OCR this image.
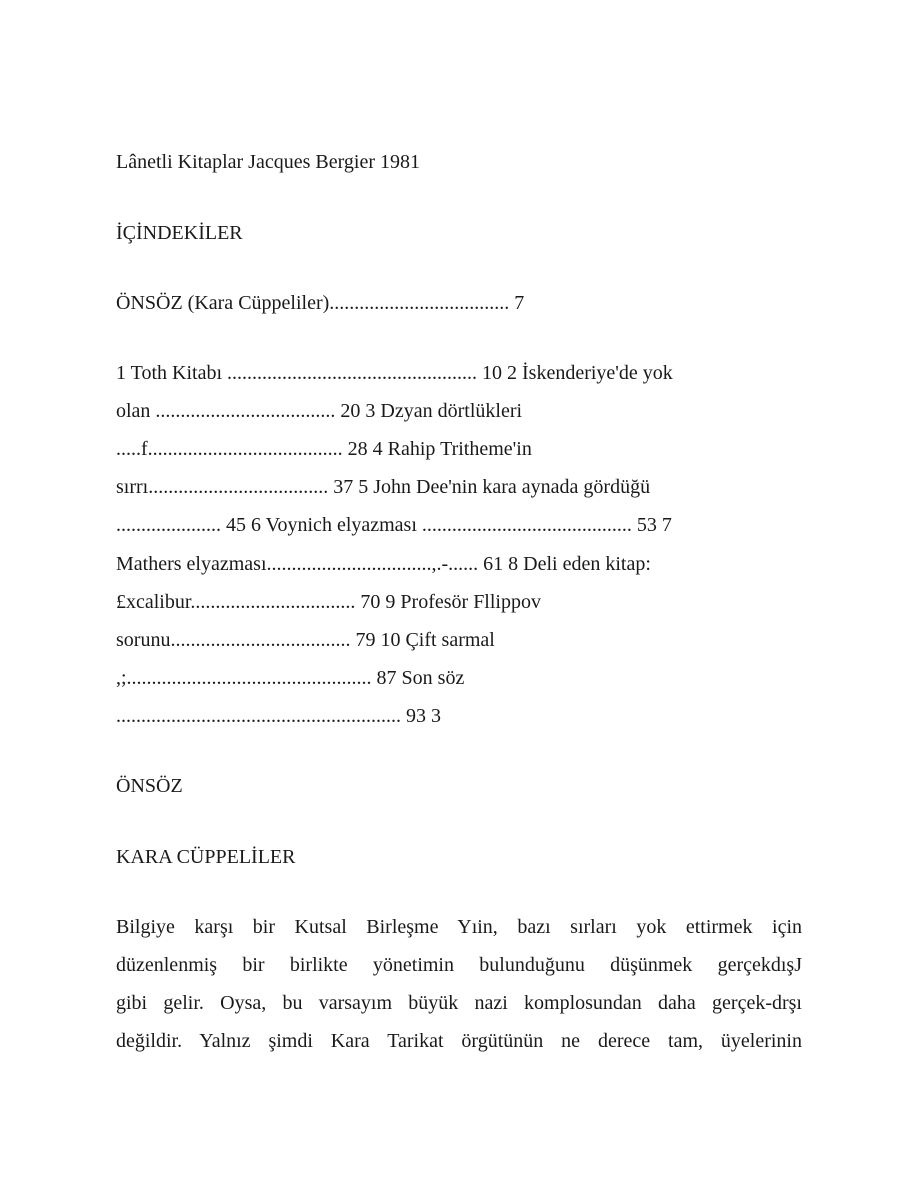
Lânetli Kitaplar Jacques Bergier 1981
İÇİNDEKİLER
ÖNSÖZ (Kara Cüppeliler).................................... 7
1 Toth Kitabı .................................................. 10 2 İskenderiye'de yok
olan .................................... 20 3 Dzyan dörtlükleri
.....f....................................... 28 4 Rahip Tritheme'in
sırrı.................................... 37 5 John Dee'nin kara aynada gördüğü
..................... 45 6 Voynich elyazması .......................................... 53 7
Mathers elyazması.................................,.-...... 61 8 Deli eden kitap:
£xcalibur................................. 70 9 Profesör Fllippov
sorunu.................................... 79 10 Çift sarmal
,;................................................. 87 Son söz
......................................................... 93 3
ÖNSÖZ
KARA CÜPPELİLER
Bilgiye karşı bir Kutsal Birleşme Yıin, bazı sırları yok ettirmek için
düzenlenmiş bir birlikte yönetimin bulunduğunu düşünmek gerçekdışJ
gibi gelir. Oysa, bu varsayım büyük nazi komplosundan daha gerçek-drşı
değildir. Yalnız şimdi Kara Tarikat örgütünün ne derece tam, üyelerinin
